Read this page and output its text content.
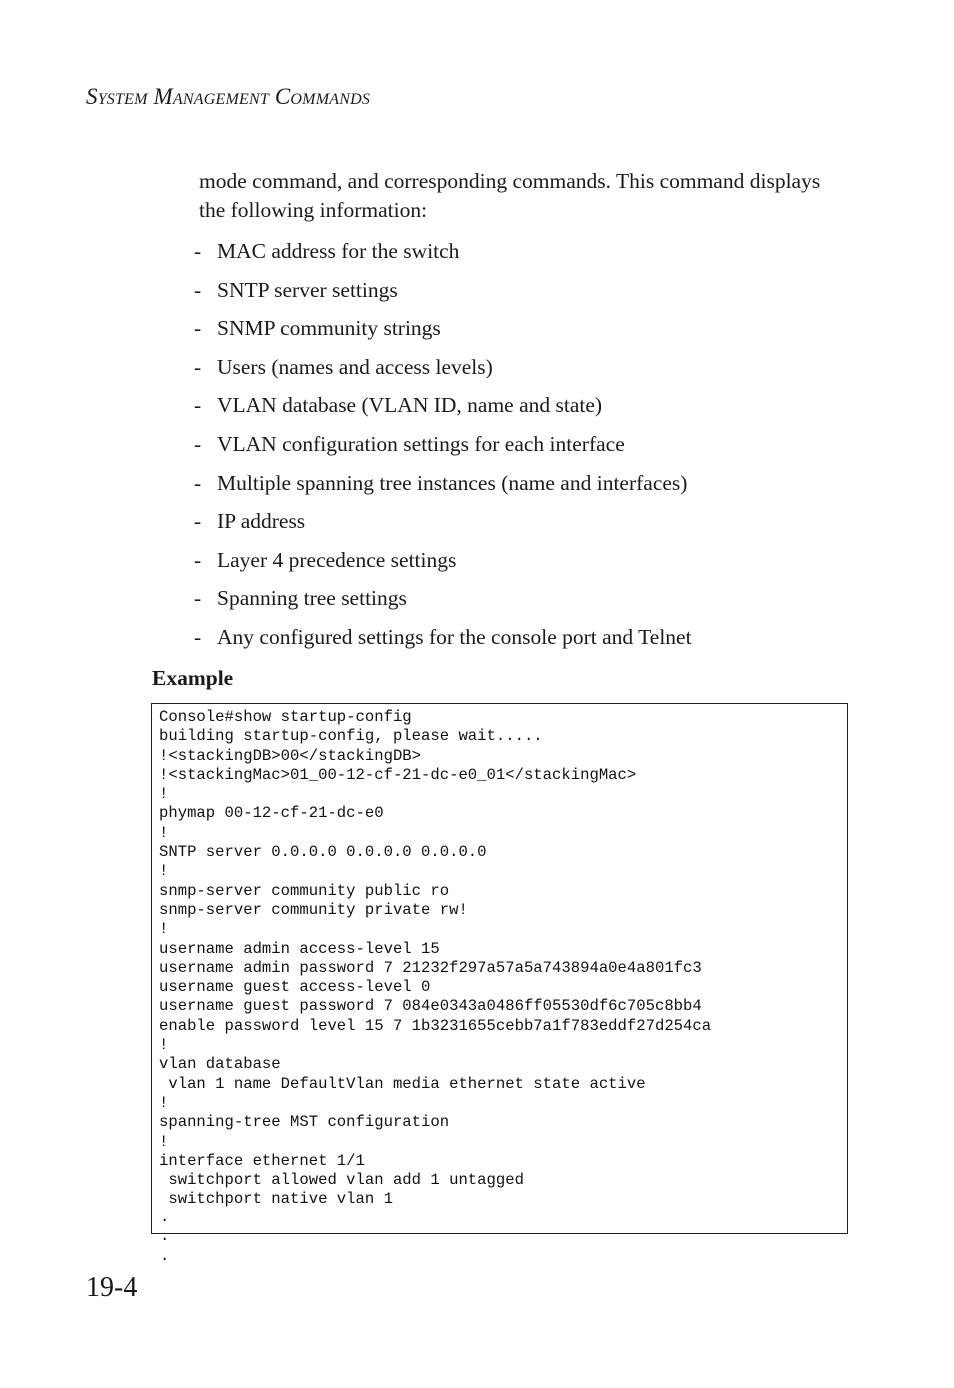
System Management Commands

mode command, and corresponding commands. This command displays the following information:

- MAC address for the switch
- SNTP server settings
- SNMP community strings
- Users (names and access levels)
- VLAN database (VLAN ID, name and state)
- VLAN configuration settings for each interface
- Multiple spanning tree instances (name and interfaces)
- IP address
- Layer 4 precedence settings
- Spanning tree settings
- Any configured settings for the console port and Telnet
Example
Console#show startup-config
building startup-config, please wait.....
!<stackingDB>00</stackingDB>
!<stackingMac>01_00-12-cf-21-dc-e0_01</stackingMac>
!
phymap 00-12-cf-21-dc-e0
!
SNTP server 0.0.0.0 0.0.0.0 0.0.0.0
!
snmp-server community public ro
snmp-server community private rw!
!
username admin access-level 15
username admin password 7 21232f297a57a5a743894a0e4a801fc3
username guest access-level 0
username guest password 7 084e0343a0486ff05530df6c705c8bb4
enable password level 15 7 1b3231655cebb7a1f783eddf27d254ca
!
vlan database
vlan 1 name DefaultVlan media ethernet state active
!
spanning-tree MST configuration
!
interface ethernet 1/1
switchport allowed vlan add 1 untagged
switchport native vlan 1

.
.
.
19-4
